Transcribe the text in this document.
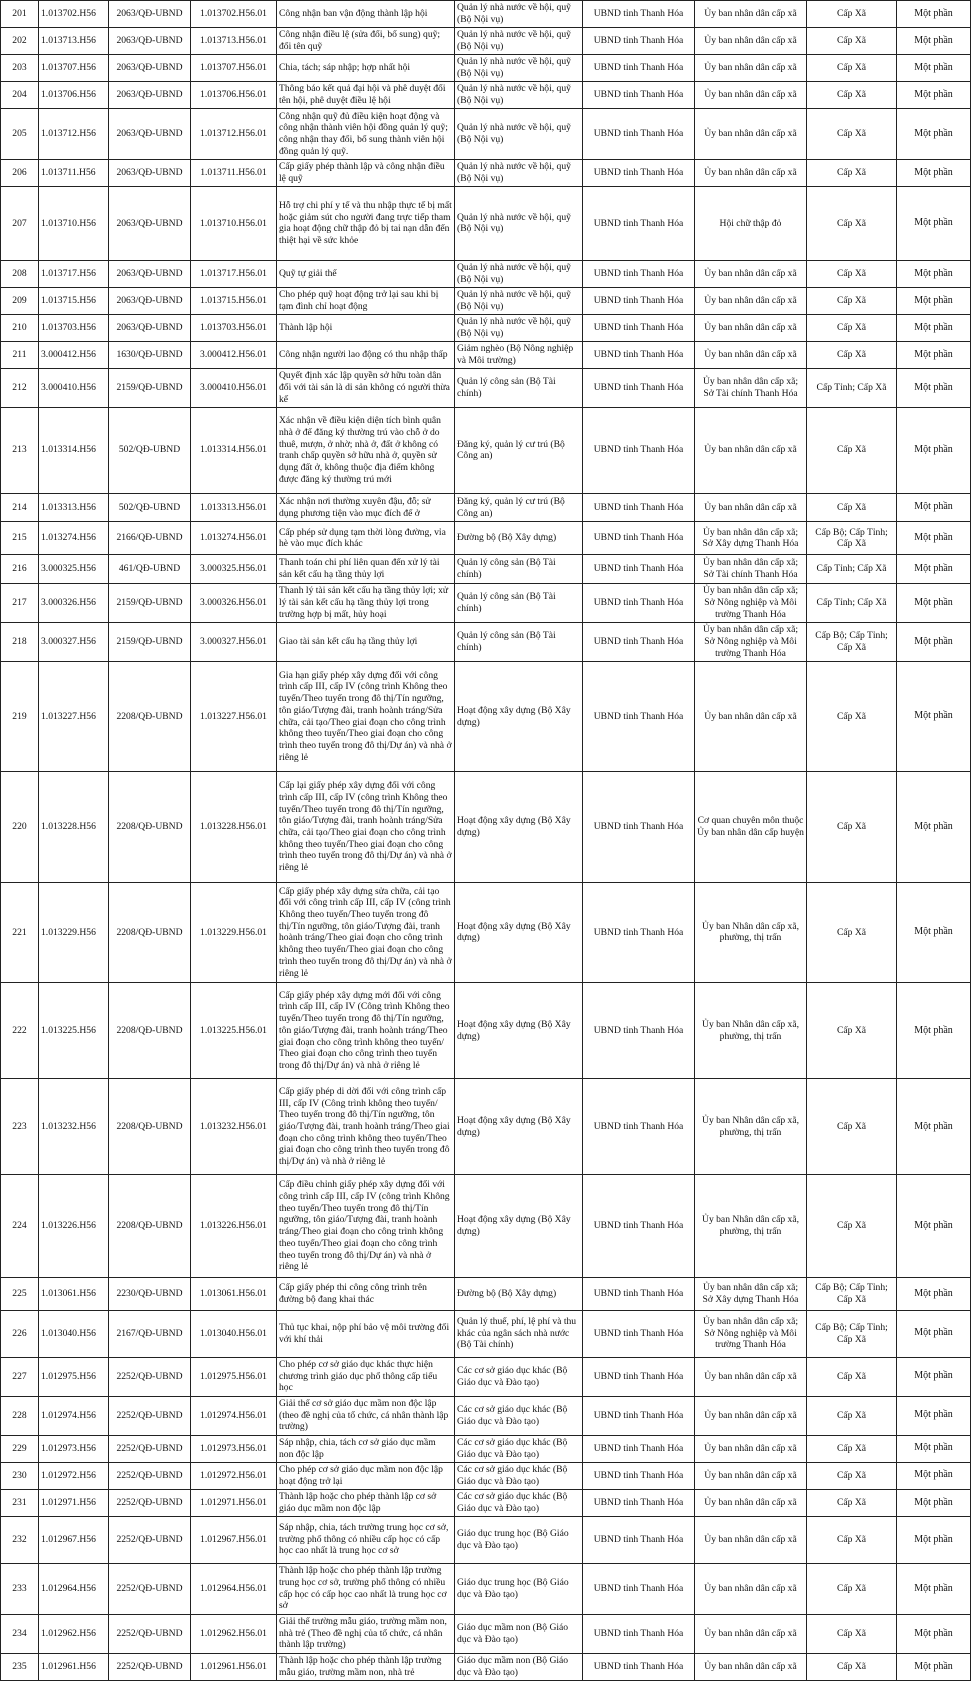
201	1.013702.H56	2063/QĐ-UBND	1.013702.H56.01	Công nhận ban vận động thành lập hội	Quản lý nhà nước về hội, quỹ (Bộ Nội vụ)	UBND tỉnh Thanh Hóa	Ủy ban nhân dân cấp xã	Cấp Xã	Một phần
202	1.013713.H56	2063/QĐ-UBND	1.013713.H56.01	Công nhận điều lệ (sửa đổi, bổ sung) quỹ; đổi tên quỹ	Quản lý nhà nước về hội, quỹ (Bộ Nội vụ)	UBND tỉnh Thanh Hóa	Ủy ban nhân dân cấp xã	Cấp Xã	Một phần
203	1.013707.H56	2063/QĐ-UBND	1.013707.H56.01	Chia, tách; sáp nhập; hợp nhất hội	Quản lý nhà nước về hội, quỹ (Bộ Nội vụ)	UBND tỉnh Thanh Hóa	Ủy ban nhân dân cấp xã	Cấp Xã	Một phần
204	1.013706.H56	2063/QĐ-UBND	1.013706.H56.01	Thông báo kết quả đại hội và phê duyệt đổi tên hội, phê duyệt điều lệ hội	Quản lý nhà nước về hội, quỹ (Bộ Nội vụ)	UBND tỉnh Thanh Hóa	Ủy ban nhân dân cấp xã	Cấp Xã	Một phần
205	1.013712.H56	2063/QĐ-UBND	1.013712.H56.01	Công nhận quỹ đủ điều kiện hoạt động và công nhận thành viên hội đồng quản lý quỹ; công nhận thay đổi, bổ sung thành viên hội đồng quản lý quỹ.	Quản lý nhà nước về hội, quỹ (Bộ Nội vụ)	UBND tỉnh Thanh Hóa	Ủy ban nhân dân cấp xã	Cấp Xã	Một phần
206	1.013711.H56	2063/QĐ-UBND	1.013711.H56.01	Cấp giấy phép thành lập và công nhận điều lệ quỹ	Quản lý nhà nước về hội, quỹ (Bộ Nội vụ)	UBND tỉnh Thanh Hóa	Ủy ban nhân dân cấp xã	Cấp Xã	Một phần
207	1.013710.H56	2063/QĐ-UBND	1.013710.H56.01	Hỗ trợ chi phí y tế và thu nhập thực tế bị mất hoặc giảm sút cho người đang trực tiếp tham gia hoạt động chữ thập đỏ bị tai nạn dẫn đến thiệt hại về sức khỏe	Quản lý nhà nước về hội, quỹ (Bộ Nội vụ)	UBND tỉnh Thanh Hóa	Hội chữ thập đỏ	Cấp Xã	Một phần
208	1.013717.H56	2063/QĐ-UBND	1.013717.H56.01	Quỹ tự giải thể	Quản lý nhà nước về hội, quỹ (Bộ Nội vụ)	UBND tỉnh Thanh Hóa	Ủy ban nhân dân cấp xã	Cấp Xã	Một phần
209	1.013715.H56	2063/QĐ-UBND	1.013715.H56.01	Cho phép quỹ hoạt động trở lại sau khi bị tạm đình chỉ hoạt động	Quản lý nhà nước về hội, quỹ (Bộ Nội vụ)	UBND tỉnh Thanh Hóa	Ủy ban nhân dân cấp xã	Cấp Xã	Một phần
210	1.013703.H56	2063/QĐ-UBND	1.013703.H56.01	Thành lập hội	Quản lý nhà nước về hội, quỹ (Bộ Nội vụ)	UBND tỉnh Thanh Hóa	Ủy ban nhân dân cấp xã	Cấp Xã	Một phần
211	3.000412.H56	1630/QĐ-UBND	3.000412.H56.01	Công nhận người lao động có thu nhập thấp	Giảm nghèo (Bộ Nông nghiệp và Môi trường)	UBND tỉnh Thanh Hóa	Ủy ban nhân dân cấp xã	Cấp Xã	Một phần
212	3.000410.H56	2159/QĐ-UBND	3.000410.H56.01	Quyết định xác lập quyền sở hữu toàn dân đối với tài sản là di sản không có người thừa kế	Quản lý công sản (Bộ Tài chính)	UBND tỉnh Thanh Hóa	Ủy ban nhân dân cấp xã; Sở Tài chính Thanh Hóa	Cấp Tỉnh; Cấp Xã	Một phần
213	1.013314.H56	502/QĐ-UBND	1.013314.H56.01	Xác nhận về điều kiện diện tích bình quân nhà ở để đăng ký thường trú vào chỗ ở do thuê, mượn, ở nhờ; nhà ở, đất ở không có tranh chấp quyền sở hữu nhà ở, quyền sử dụng đất ở, không thuộc địa điểm không được đăng ký thường trú mới	Đăng ký, quản lý cư trú (Bộ Công an)	UBND tỉnh Thanh Hóa	Ủy ban nhân dân cấp xã	Cấp Xã	Một phần
214	1.013313.H56	502/QĐ-UBND	1.013313.H56.01	Xác nhận nơi thường xuyên đậu, đỗ; sử dụng phương tiện vào mục đích để ở	Đăng ký, quản lý cư trú (Bộ Công an)	UBND tỉnh Thanh Hóa	Ủy ban nhân dân cấp xã	Cấp Xã	Một phần
215	1.013274.H56	2166/QĐ-UBND	1.013274.H56.01	Cấp phép sử dụng tạm thời lòng đường, vỉa hè vào mục đích khác	Đường bộ (Bộ Xây dựng)	UBND tỉnh Thanh Hóa	Ủy ban nhân dân cấp xã; Sở Xây dựng Thanh Hóa	Cấp Bộ; Cấp Tỉnh; Cấp Xã	Một phần
216	3.000325.H56	461/QĐ-UBND	3.000325.H56.01	Thanh toán chi phí liên quan đến xử lý tài sản kết cấu hạ tầng thủy lợi	Quản lý công sản (Bộ Tài chính)	UBND tỉnh Thanh Hóa	Ủy ban nhân dân cấp xã; Sở Tài chính Thanh Hóa	Cấp Tỉnh; Cấp Xã	Một phần
217	3.000326.H56	2159/QĐ-UBND	3.000326.H56.01	Thanh lý tài sản kết cấu hạ tầng thủy lợi; xử lý tài sản kết cấu hạ tầng thủy lợi trong trường hợp bị mất, hủy hoại	Quản lý công sản (Bộ Tài chính)	UBND tỉnh Thanh Hóa	Ủy ban nhân dân cấp xã; Sở Nông nghiệp và Môi trường Thanh Hóa	Cấp Tỉnh; Cấp Xã	Một phần
218	3.000327.H56	2159/QĐ-UBND	3.000327.H56.01	Giao tài sản kết cấu hạ tầng thủy lợi	Quản lý công sản (Bộ Tài chính)	UBND tỉnh Thanh Hóa	Ủy ban nhân dân cấp xã; Sở Nông nghiệp và Môi trường Thanh Hóa	Cấp Bộ; Cấp Tỉnh; Cấp Xã	Một phần
219	1.013227.H56	2208/QĐ-UBND	1.013227.H56.01	Gia hạn giấy phép xây dựng đối với công trình cấp III, cấp IV (công trình Không theo tuyến/Theo tuyến trong đô thị/Tín ngưỡng, tôn giáo/Tượng đài, tranh hoành tráng/Sửa chữa, cải tạo/Theo giai đoạn cho công trình không theo tuyến/Theo giai đoạn cho công trình theo tuyến trong đô thị/Dự án) và nhà ở riêng lẻ	Hoạt động xây dựng (Bộ Xây dựng)	UBND tỉnh Thanh Hóa	Ủy ban nhân dân cấp xã	Cấp Xã	Một phần
220	1.013228.H56	2208/QĐ-UBND	1.013228.H56.01	Cấp lại giấy phép xây dựng đối với công trình cấp III, cấp IV (công trình Không theo tuyến/Theo tuyến trong đô thị/Tín ngưỡng, tôn giáo/Tượng đài, tranh hoành tráng/Sửa chữa, cải tạo/Theo giai đoạn cho công trình không theo tuyến/Theo giai đoạn cho công trình theo tuyến trong đô thị/Dự án) và nhà ở riêng lẻ	Hoạt động xây dựng (Bộ Xây dựng)	UBND tỉnh Thanh Hóa	Cơ quan chuyên môn thuộc Ủy ban nhân dân cấp huyện	Cấp Xã	Một phần
221	1.013229.H56	2208/QĐ-UBND	1.013229.H56.01	Cấp giấy phép xây dựng sửa chữa, cải tạo đối với công trình cấp III, cấp IV (công trình Không theo tuyến/Theo tuyến trong đô thị/Tín ngưỡng, tôn giáo/Tượng đài, tranh hoành tráng/Theo giai đoạn cho công trình không theo tuyến/Theo giai đoạn cho công trình theo tuyến trong đô thị/Dự án) và nhà ở riêng lẻ	Hoạt động xây dựng (Bộ Xây dựng)	UBND tỉnh Thanh Hóa	Ủy ban Nhân dân cấp xã, phường, thị trấn	Cấp Xã	Một phần
222	1.013225.H56	2208/QĐ-UBND	1.013225.H56.01	Cấp giấy phép xây dựng mới đối với công trình cấp III, cấp IV (Công trình Không theo tuyến/Theo tuyến trong đô thị/Tín ngưỡng, tôn giáo/Tượng đài, tranh hoành tráng/Theo giai đoạn cho công trình không theo tuyến/ Theo giai đoạn cho công trình theo tuyến trong đô thị/Dự án) và nhà ở riêng lẻ	Hoạt động xây dựng (Bộ Xây dựng)	UBND tỉnh Thanh Hóa	Ủy ban Nhân dân cấp xã, phường, thị trấn	Cấp Xã	Một phần
223	1.013232.H56	2208/QĐ-UBND	1.013232.H56.01	Cấp giấy phép di dời đối với công trình cấp III, cấp IV (Công trình không theo tuyến/ Theo tuyến trong đô thị/Tín ngưỡng, tôn giáo/Tượng đài, tranh hoành tráng/Theo giai đoạn cho công trình không theo tuyến/Theo giai đoạn cho công trình theo tuyến trong đô thị/Dự án) và nhà ở riêng lẻ	Hoạt động xây dựng (Bộ Xây dựng)	UBND tỉnh Thanh Hóa	Ủy ban Nhân dân cấp xã, phường, thị trấn	Cấp Xã	Một phần
224	1.013226.H56	2208/QĐ-UBND	1.013226.H56.01	Cấp điều chỉnh giấy phép xây dựng đối với công trình cấp III, cấp IV (công trình Không theo tuyến/Theo tuyến trong đô thị/Tín ngưỡng, tôn giáo/Tượng đài, tranh hoành tráng/Theo giai đoạn cho công trình không theo tuyến/Theo giai đoạn cho công trình theo tuyến trong đô thị/Dự án) và nhà ở riêng lẻ	Hoạt động xây dựng (Bộ Xây dựng)	UBND tỉnh Thanh Hóa	Ủy ban Nhân dân cấp xã, phường, thị trấn	Cấp Xã	Một phần
225	1.013061.H56	2230/QĐ-UBND	1.013061.H56.01	Cấp giấy phép thi công công trình trên đường bộ đang khai thác	Đường bộ (Bộ Xây dựng)	UBND tỉnh Thanh Hóa	Ủy ban nhân dân cấp xã; Sở Xây dựng Thanh Hóa	Cấp Bộ; Cấp Tỉnh; Cấp Xã	Một phần
226	1.013040.H56	2167/QĐ-UBND	1.013040.H56.01	Thủ tục khai, nộp phí bảo vệ môi trường đối với khí thải	Quản lý thuế, phí, lệ phí và thu khác của ngân sách nhà nước (Bộ Tài chính)	UBND tỉnh Thanh Hóa	Ủy ban nhân dân cấp xã; Sở Nông nghiệp và Môi trường Thanh Hóa	Cấp Bộ; Cấp Tỉnh; Cấp Xã	Một phần
227	1.012975.H56	2252/QĐ-UBND	1.012975.H56.01	Cho phép cơ sở giáo dục khác thực hiện chương trình giáo dục phổ thông cấp tiểu học	Các cơ sở giáo dục khác (Bộ Giáo dục và Đào tạo)	UBND tỉnh Thanh Hóa	Ủy ban nhân dân cấp xã	Cấp Xã	Một phần
228	1.012974.H56	2252/QĐ-UBND	1.012974.H56.01	Giải thể cơ sở giáo dục mầm non độc lập (theo đề nghị của tổ chức, cá nhân thành lập trường)	Các cơ sở giáo dục khác (Bộ Giáo dục và Đào tạo)	UBND tỉnh Thanh Hóa	Ủy ban nhân dân cấp xã	Cấp Xã	Một phần
229	1.012973.H56	2252/QĐ-UBND	1.012973.H56.01	Sáp nhập, chia, tách cơ sở giáo dục mầm non độc lập	Các cơ sở giáo dục khác (Bộ Giáo dục và Đào tạo)	UBND tỉnh Thanh Hóa	Ủy ban nhân dân cấp xã	Cấp Xã	Một phần
230	1.012972.H56	2252/QĐ-UBND	1.012972.H56.01	Cho phép cơ sở giáo dục mầm non độc lập hoạt động trở lại	Các cơ sở giáo dục khác (Bộ Giáo dục và Đào tạo)	UBND tỉnh Thanh Hóa	Ủy ban nhân dân cấp xã	Cấp Xã	Một phần
231	1.012971.H56	2252/QĐ-UBND	1.012971.H56.01	Thành lập hoặc cho phép thành lập cơ sở giáo dục mầm non độc lập	Các cơ sở giáo dục khác (Bộ Giáo dục và Đào tạo)	UBND tỉnh Thanh Hóa	Ủy ban nhân dân cấp xã	Cấp Xã	Một phần
232	1.012967.H56	2252/QĐ-UBND	1.012967.H56.01	Sáp nhập, chia, tách trường trung học cơ sở, trường phổ thông có nhiều cấp học có cấp học cao nhất là trung học cơ sở	Giáo dục trung học (Bộ Giáo dục và Đào tạo)	UBND tỉnh Thanh Hóa	Ủy ban nhân dân cấp xã	Cấp Xã	Một phần
233	1.012964.H56	2252/QĐ-UBND	1.012964.H56.01	Thành lập hoặc cho phép thành lập trường trung học cơ sở, trường phổ thông có nhiều cấp học có cấp học cao nhất là trung học cơ sở	Giáo dục trung học (Bộ Giáo dục và Đào tạo)	UBND tỉnh Thanh Hóa	Ủy ban nhân dân cấp xã	Cấp Xã	Một phần
234	1.012962.H56	2252/QĐ-UBND	1.012962.H56.01	Giải thể trường mẫu giáo, trường mầm non, nhà trẻ (Theo đề nghị của tổ chức, cá nhân thành lập trường)	Giáo dục mầm non (Bộ Giáo dục và Đào tạo)	UBND tỉnh Thanh Hóa	Ủy ban nhân dân cấp xã	Cấp Xã	Một phần
235	1.012961.H56	2252/QĐ-UBND	1.012961.H56.01	Thành lập hoặc cho phép thành lập trường mẫu giáo, trường mầm non, nhà trẻ	Giáo dục mầm non (Bộ Giáo dục và Đào tạo)	UBND tỉnh Thanh Hóa	Ủy ban nhân dân cấp xã	Cấp Xã	Một phần
